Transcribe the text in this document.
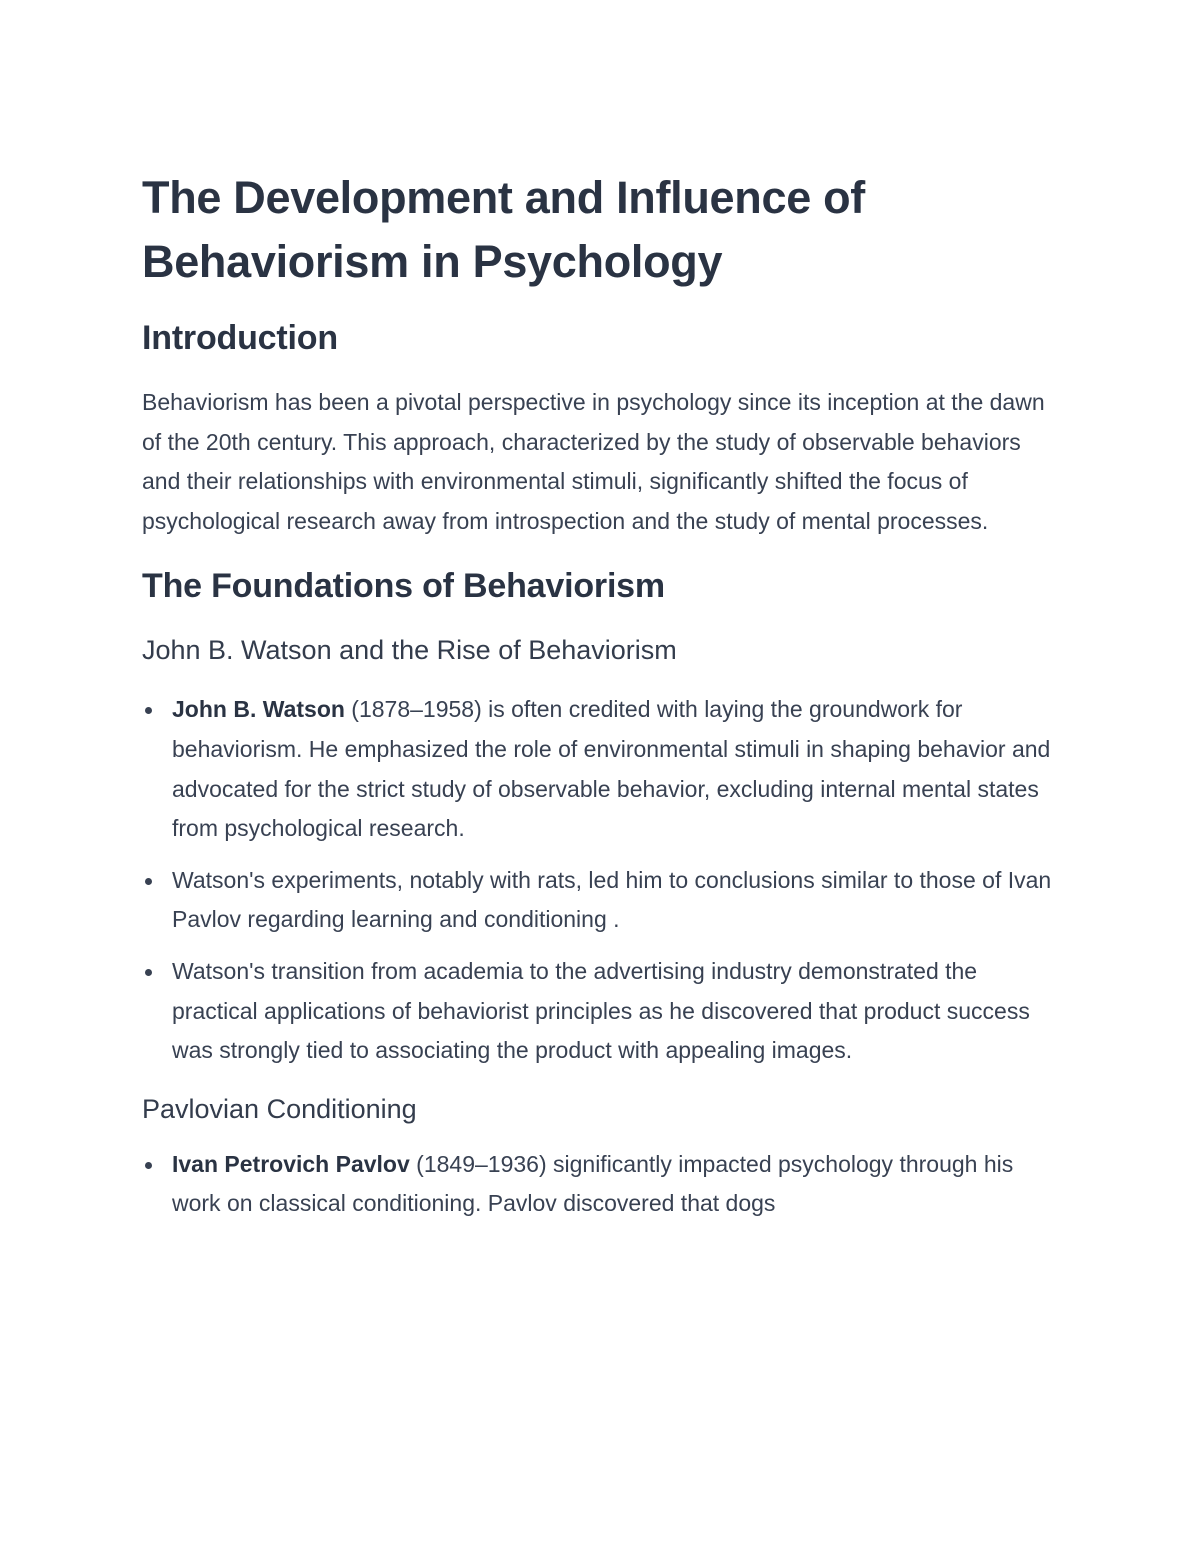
The Development and Influence of Behaviorism in Psychology
Introduction

Behaviorism has been a pivotal perspective in psychology since its inception at the dawn of the 20th century. This approach, characterized by the study of observable behaviors and their relationships with environmental stimuli, significantly shifted the focus of psychological research away from introspection and the study of mental processes.

The Foundations of Behaviorism
John B. Watson and the Rise of Behaviorism
John B. Watson (1878–1958) is often credited with laying the groundwork for behaviorism. He emphasized the role of environmental stimuli in shaping behavior and advocated for the strict study of observable behavior, excluding internal mental states from psychological research.
Watson's experiments, notably with rats, led him to conclusions similar to those of Ivan Pavlov regarding learning and conditioning .
Watson's transition from academia to the advertising industry demonstrated the practical applications of behaviorist principles as he discovered that product success was strongly tied to associating the product with appealing images.
Pavlovian Conditioning
Ivan Petrovich Pavlov (1849–1936) significantly impacted psychology through his work on classical conditioning. Pavlov discovered that dogs
